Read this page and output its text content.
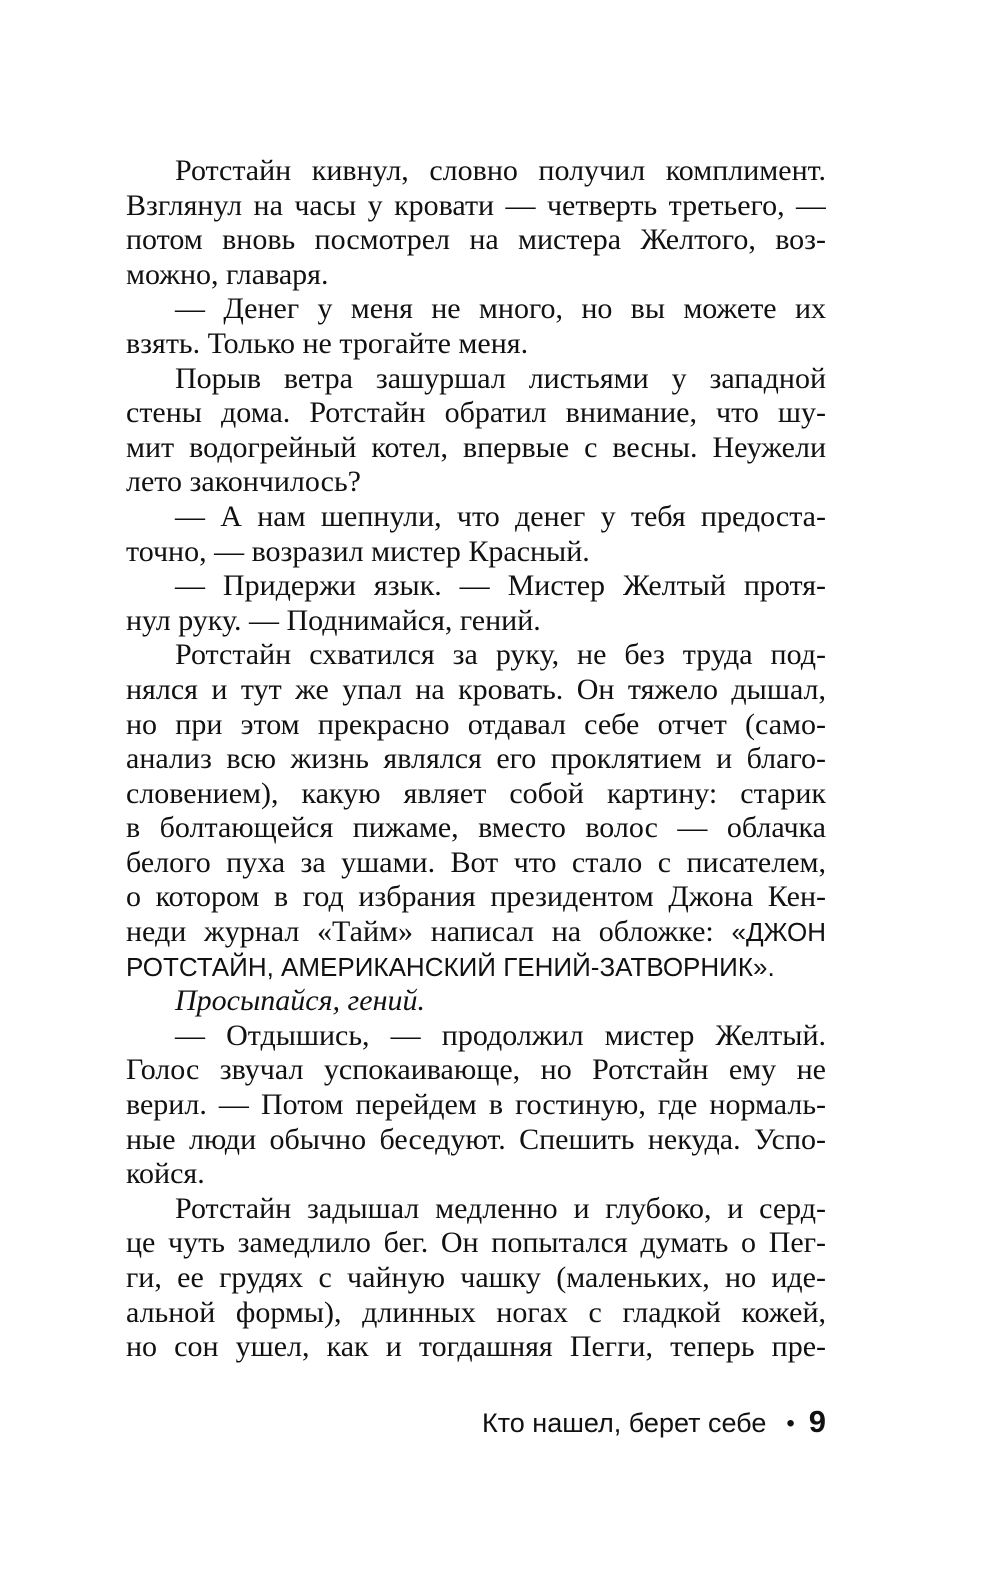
Ротстайн кивнул, словно получил комплимент.
Взглянул на часы у кровати — четверть третьего, —
потом вновь посмотрел на мистера Желтого, воз-
можно, главаря.
— Денег у меня не много, но вы можете их
взять. Только не трогайте меня.
Порыв ветра зашуршал листьями у западной
стены дома. Ротстайн обратил внимание, что шу-
мит водогрейный котел, впервые с весны. Неужели
лето закончилось?
— А нам шепнули, что денег у тебя предоста-
точно, — возразил мистер Красный.
— Придержи язык. — Мистер Желтый протя-
нул руку. — Поднимайся, гений.
Ротстайн схватился за руку, не без труда под-
нялся и тут же упал на кровать. Он тяжело дышал,
но при этом прекрасно отдавал себе отчет (само-
анализ всю жизнь являлся его проклятием и благо-
словением), какую являет собой картину: старик
в болтающейся пижаме, вместо волос — облачка
белого пуха за ушами. Вот что стало с писателем,
о котором в год избрания президентом Джона Кен-
неди журнал «Тайм» написал на обложке: «ДЖОН
РОТСТАЙН, АМЕРИКАНСКИЙ ГЕНИЙ-ЗАТВОРНИК».
Просыпайся, гений.
— Отдышись, — продолжил мистер Желтый.
Голос звучал успокаивающе, но Ротстайн ему не
верил. — Потом перейдем в гостиную, где нормаль-
ные люди обычно беседуют. Спешить некуда. Успо-
койся.
Ротстайн задышал медленно и глубоко, и серд-
це чуть замедлило бег. Он попытался думать о Пег-
ги, ее грудях с чайную чашку (маленьких, но иде-
альной формы), длинных ногах с гладкой кожей,
но сон ушел, как и тогдашняя Пегги, теперь пре-
Кто нашел, берет себе • 9
